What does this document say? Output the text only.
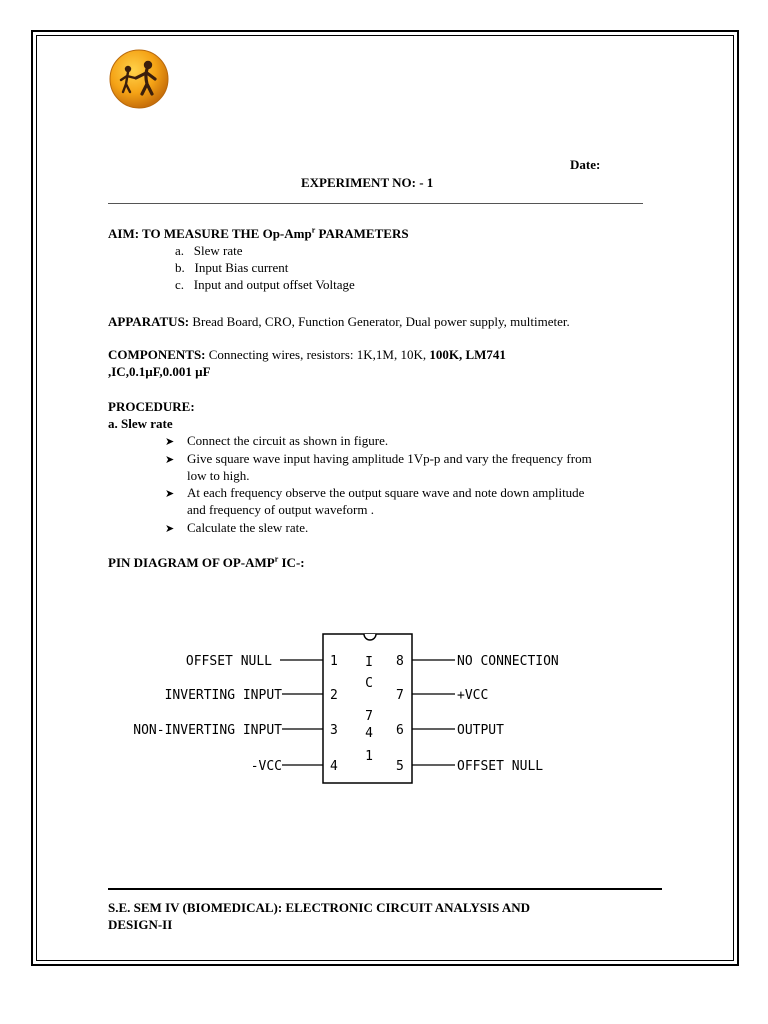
Date:
EXPERIMENT NO: - 1
AIM: TO MEASURE THE Op-Amp$^r$ PARAMETERS
a. Slew rate
b. Input Bias current
c. Input and output offset Voltage
APPARATUS: Bread Board, CRO, Function Generator, Dual power supply, multimeter.
COMPONENTS: Connecting wires, resistors: 1K,1M, 10K, 100K, LM741
,IC,0.1µF,0.001 µF
PROCEDURE:
a. Slew rate
➤ Connect the circuit as shown in figure.
➤ Give square wave input having amplitude 1Vp-p and vary the frequency from
low to high.
➤ At each frequency observe the output square wave and note down amplitude
and frequency of output waveform .
➤ Calculate the slew rate.
PIN DIAGRAM OF OP-AMP$^r$ IC-:
I
C
7
4
1
OFFSET NULL
INVERTING INPUT
NON-INVERTING INPUT
-VCC
1
2
3
4
8
7
6
5
NO CONNECTION
+VCC
OUTPUT
OFFSET NULL
S.E. SEM IV (BIOMEDICAL): ELECTRONIC CIRCUIT ANALYSIS AND
DESIGN-II
